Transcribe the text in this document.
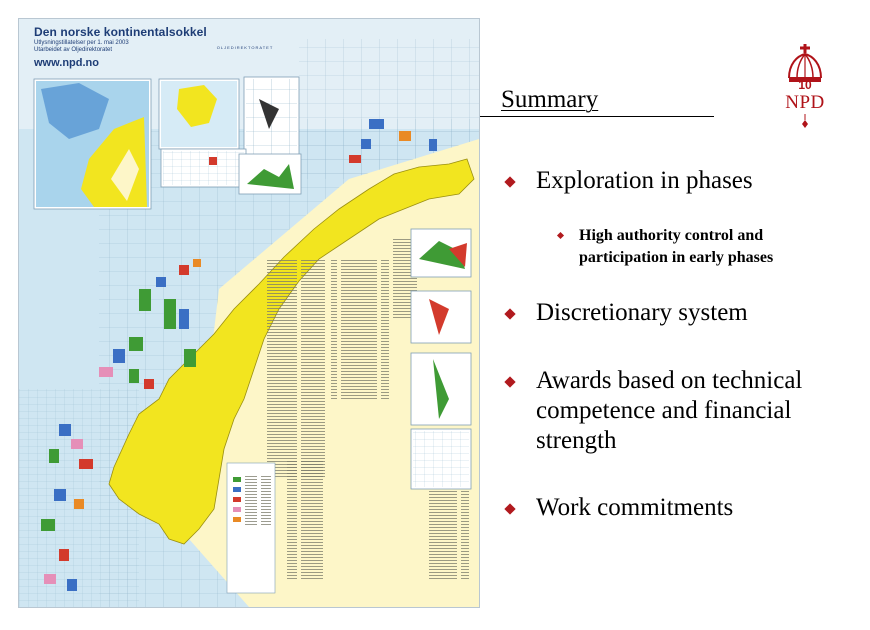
Den norske kontinentalsokkel
Utlysningstillatelser per 1. mai 2003
Utarbeidet av Oljedirektoratet
www.npd.no
OLJEDIREKTORATET
Summary
10
NPD
Exploration in phases
High authority control and
participation in early phases
Discretionary system
Awards based on technical
competence and financial
strength
Work commitments
